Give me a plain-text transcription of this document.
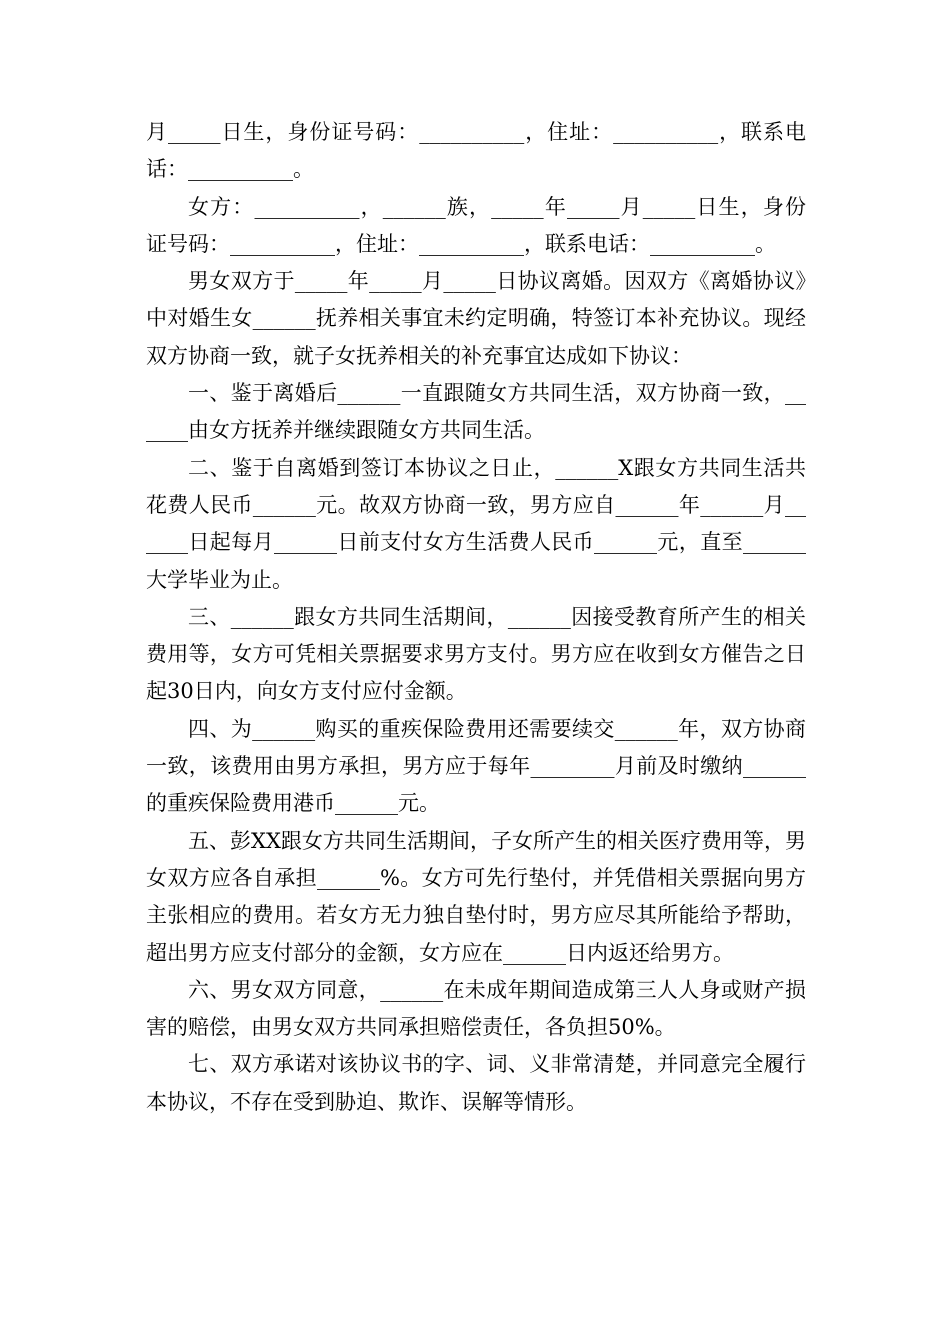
月_____日生，身份证号码：__________，住址：__________，联系电话：__________。

女方：__________，______族，_____年_____月_____日生，身份证号码：__________，住址：__________，联系电话：__________。

男女双方于_____年_____月_____日协议离婚。因双方《离婚协议》中对婚生女______抚养相关事宜未约定明确，特签订本补充协议。现经双方协商一致，就子女抚养相关的补充事宜达成如下协议：

一、鉴于离婚后______一直跟随女方共同生活，双方协商一致，______由女方抚养并继续跟随女方共同生活。

二、鉴于自离婚到签订本协议之日止，______X跟女方共同生活共花费人民币______元。故双方协商一致，男方应自______年______月______日起每月______日前支付女方生活费人民币______元，直至______大学毕业为止。

三、______跟女方共同生活期间，______因接受教育所产生的相关费用等，女方可凭相关票据要求男方支付。男方应在收到女方催告之日起30日内，向女方支付应付金额。

四、为______购买的重疾保险费用还需要续交______年，双方协商一致，该费用由男方承担，男方应于每年________月前及时缴纳______的重疾保险费用港币______元。

五、彭XX跟女方共同生活期间，子女所产生的相关医疗费用等，男女双方应各自承担______%。女方可先行垫付，并凭借相关票据向男方主张相应的费用。若女方无力独自垫付时，男方应尽其所能给予帮助，超出男方应支付部分的金额，女方应在______日内返还给男方。

六、男女双方同意，______在未成年期间造成第三人人身或财产损害的赔偿，由男女双方共同承担赔偿责任，各负担50%。

七、双方承诺对该协议书的字、词、义非常清楚，并同意完全履行本协议，不存在受到胁迫、欺诈、误解等情形。
